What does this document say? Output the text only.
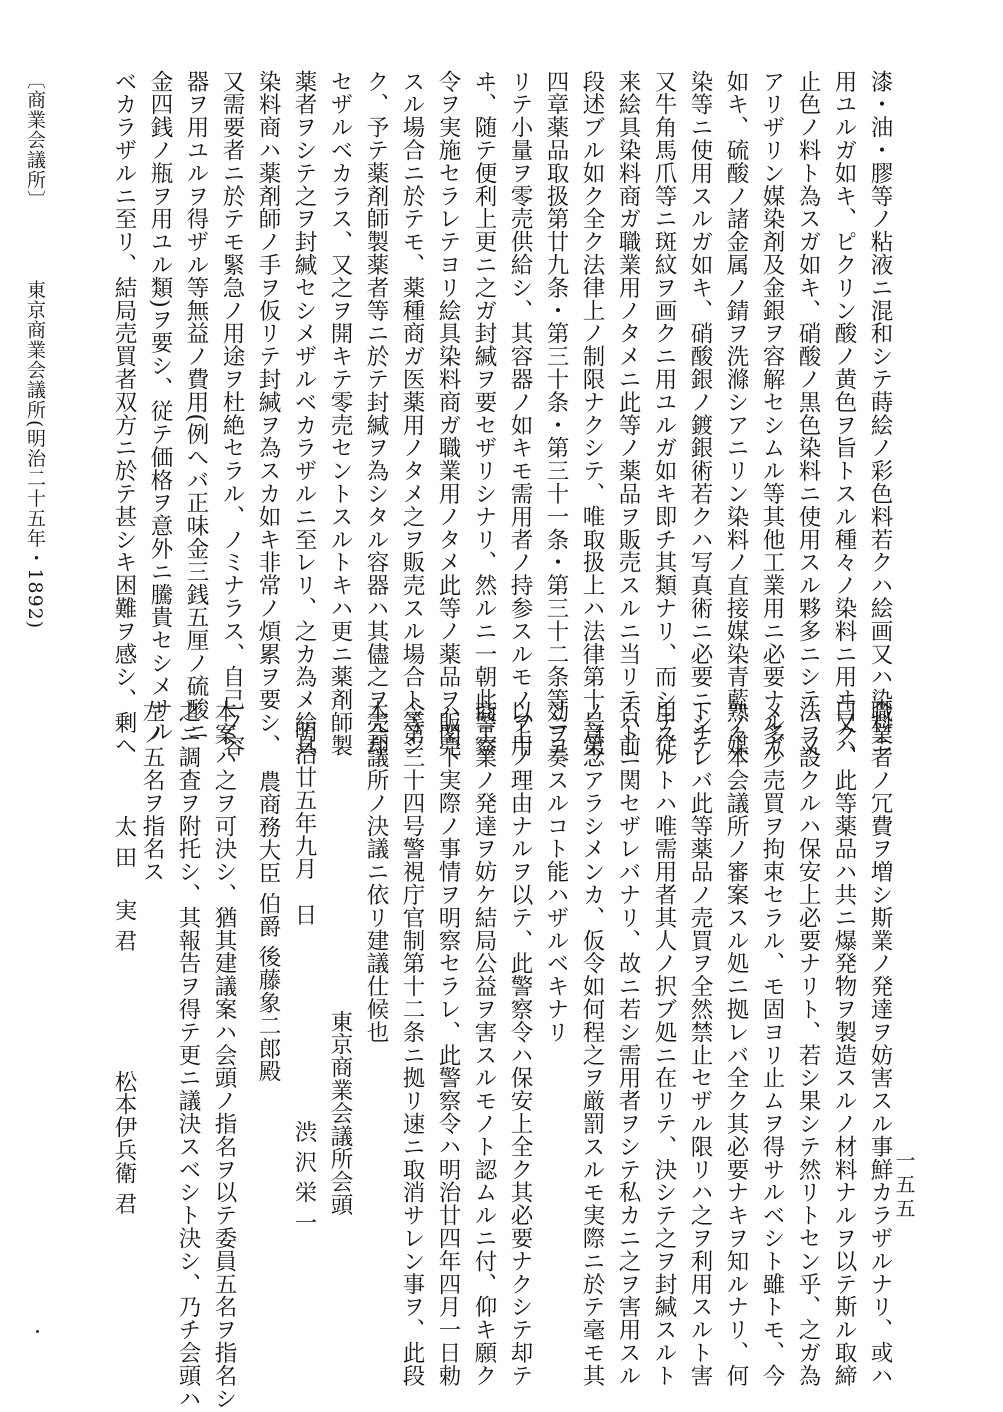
〔商業会議所〕
東京商業会議所
(明治二十五年・1892)	漆・油・膠等ノ粘液ニ混和シテ蒔絵ノ彩色料若クハ絵画又ハ染料ニ
用ユルガ如キ、ピクリン酸ノ黄色ヲ旨トスル種々ノ染料ニ用ヰ又ハ
止色ノ料ト為スガ如キ、硝酸ノ黒色染料ニ使用スル夥多ニシテ、又
アリザリン媒染剤及金銀ヲ容解セシムル等其他工業用ニ必要ナルガ
如キ、硫酸ノ諸金属ノ錆ヲ洗滌シアニリン染料ノ直接媒染青藍ノ媒
染等ニ使用スルガ如キ、硝酸銀ノ鍍銀術若クハ写真術ニ必要ニシテ
又牛角馬爪等ニ斑紋ヲ画クニ用ユルガ如キ即チ其類ナリ、而シテ従
来絵具染料商ガ職業用ノタメニ此等ノ薬品ヲ販売スルニ当リテハ前
段述ブル如ク全ク法律上ノ制限ナクシテ、唯取扱上ハ法律第十号第
四章薬品取扱第廿九条・第三十条・第三十一条・第三十二条等ニヨ
リテ小量ヲ零売供給シ、其容器ノ如キモ需用者ノ持参スルモノヲ用
ヰ、随テ便利上更ニ之ガ封緘ヲ要セザリシナリ、然ルニ一朝此警察
令ヲ実施セラレテヨリ絵具染料商ガ職業用ノタメ此等ノ薬品ヲ販売
スル場合ニ於テモ、薬種商ガ医薬用ノタメ之ヲ販売スル場合ト等シ
ク、予テ薬剤師製薬者等ニ於テ封緘ヲ為シタル容器ハ其儘之ヲ売却
セザルベカラス、又之ヲ開キテ零売セントスルトキハ更ニ薬剤師製
薬者ヲシテ之ヲ封緘セシメザルベカラザルニ至レリ、之カ為メ絵具
染料商ハ薬剤師ノ手ヲ仮リテ封緘ヲ為スカ如キ非常ノ煩累ヲ要シ、
又需要者ニ於テモ緊急ノ用途ヲ杜絶セラル、ノミナラス、自己ノ容
器ヲ用ユルヲ得ザル等無益ノ費用(例へバ正味金三銭五厘ノ硫酸ニ
金四銭ノ瓶ヲ用ユル類)ヲ要シ、従テ価格ヲ意外ニ騰貴セシメサル
ベカラザルニ至リ、結局売買者双方ニ於テ甚シキ困難ヲ感シ、剰ヘ
職業者ノ冗費ヲ増シ斯業ノ発達ヲ妨害スル事鮮カラザルナリ、或ハ
曰ク、此等薬品ハ共ニ爆発物ヲ製造スルノ材料ナルヲ以テ斯ル取締
法ヲ設クルハ保安上必要ナリト、若シ果シテ然リトセン乎、之ガ為
メ多少売買ヲ拘束セラル、モ固ヨリ止ムヲ得サルベシト雖トモ、今
熟々本会議所ノ審案スル処ニ拠レバ全ク其必要ナキヲ知ルナリ、何
トナレバ此等薬品ノ売買ヲ全然禁止セザル限リハ之ヲ利用スルト害
用スルトハ唯需用者其人ノ択ブ処ニ在リテ、決シテ之ヲ封緘スルト
否トニ関セザレバナリ、故ニ若シ需用者ヲシテ私カニ之ヲ害用スル
ノ意念アラシメンカ、仮令如何程之ヲ厳罰スルモ実際ニ於テ毫モ其
効ヲ奏スルコト能ハザルベキナリ
以上ノ理由ナルヲ以テ、此警察令ハ保安上全ク其必要ナクシテ却テ
商工業ノ発達ヲ妨ケ結局公益ヲ害スルモノト認ムルニ付、仰キ願ク
ハ閣下実際ノ事情ヲ明察セラレ、此警察令ハ明治廿四年四月一日勅
令第三十四号警視庁官制第十二条ニ拠リ速ニ取消サレン事ヲ、此段
本会議所ノ決議ニ依リ建議仕候也
東京商業会議所会頭
渋 沢 栄 一
明治廿五年九月　日
農商務大臣 伯爵 後藤象二郎殿
本案ハ之ヲ可決シ、猶其建議案ハ会頭ノ指名ヲ以テ委員五名ヲ指名シ
之ニ調査ヲ附托シ、其報告ヲ得テ更ニ議決スベシト決シ、乃チ会頭ハ
左ノ五名ヲ指名ス
太 田　 実 君
松本伊兵衛 君	一五五
